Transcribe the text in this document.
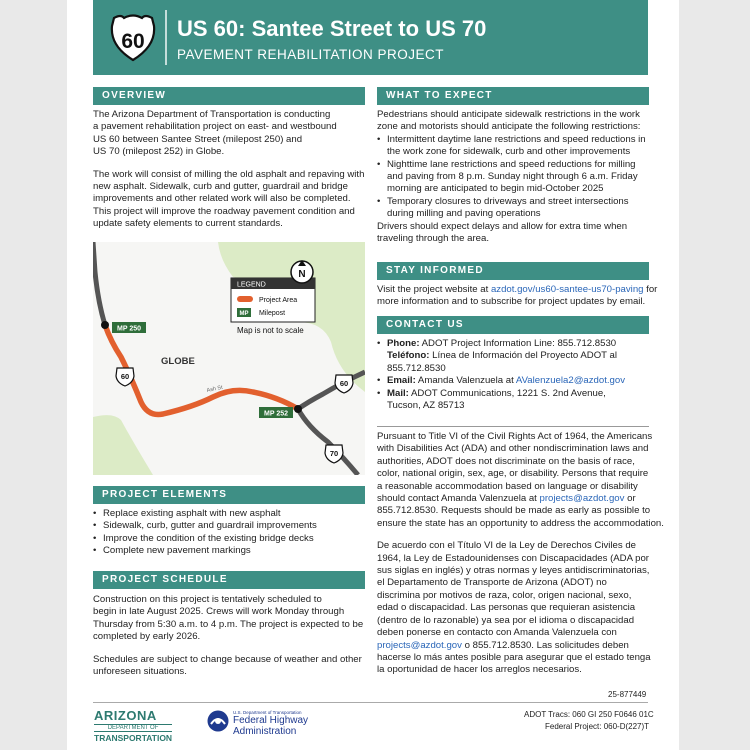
60
US 60: Santee Street to US 70
PAVEMENT REHABILITATION PROJECT
OVERVIEW

The Arizona Department of Transportation is conducting
a pavement rehabilitation project on east- and westbound
US 60 between Santee Street (milepost 250) and
US 70 (milepost 252) in Globe.

The work will consist of milling the old asphalt and repaving with
new asphalt. Sidewalk, curb and gutter, guardrail and bridge
improvements and other related work will also be completed.
This project will improve the roadway pavement condition and
update safety elements to current standards.

MP 250
MP 252
GLOBE
Ash St
60
60
70
LEGEND
Project Area
MP Milepost
N
Map is not to scale
PROJECT ELEMENTS
• Replace existing asphalt with new asphalt
• Sidewalk, curb, gutter and guardrail improvements
• Improve the condition of the existing bridge decks
• Complete new pavement markings
PROJECT SCHEDULE

Construction on this project is tentatively scheduled to
begin in late August 2025. Crews will work Monday through
Thursday from 5:30 a.m. to 4 p.m. The project is expected to be
completed by early 2026.

Schedules are subject to change because of weather and other
unforeseen situations.

WHAT TO EXPECT
Pedestrians should anticipate sidewalk restrictions in the work
zone and motorists should anticipate the following restrictions:
• Intermittent daytime lane restrictions and speed reductions in
the work zone for sidewalk, curb and other improvements
• Nighttime lane restrictions and speed reductions for milling
and paving from 8 p.m. Sunday night through 6 a.m. Friday
morning are anticipated to begin mid-October 2025
• Temporary closures to driveways and street intersections
during milling and paving operations
Drivers should expect delays and allow for extra time when
traveling through the area.
STAY INFORMED
Visit the project website at azdot.gov/us60-santee-us70-paving for
more information and to subscribe for project updates by email.
CONTACT US
• Phone: ADOT Project Information Line: 855.712.8530
Teléfono: Línea de Información del Proyecto ADOT al
855.712.8530
• Email: Amanda Valenzuela at AValenzuela2@azdot.gov
• Mail: ADOT Communications, 1221 S. 2nd Avenue,
Tucson, AZ 85713

Pursuant to Title VI of the Civil Rights Act of 1964, the Americans
with Disabilities Act (ADA) and other nondiscrimination laws and
authorities, ADOT does not discriminate on the basis of race,
color, national origin, sex, age, or disability. Persons that require
a reasonable accommodation based on language or disability
should contact Amanda Valenzuela at projects@azdot.gov or
855.712.8530. Requests should be made as early as possible to
ensure the state has an opportunity to address the accommodation.

De acuerdo con el Título VI de la Ley de Derechos Civiles de
1964, la Ley de Estadounidenses con Discapacidades (ADA por
sus siglas en inglés) y otras normas y leyes antidiscriminatorias,
el Departamento de Transporte de Arizona (ADOT) no
discrimina por motivos de raza, color, origen nacional, sexo,
edad o discapacidad. Las personas que requieran asistencia
(dentro de lo razonable) ya sea por el idioma o discapacidad
deben ponerse en contacto con Amanda Valenzuela con
projects@azdot.gov o 855.712.8530. Las solicitudes deben
hacerse lo más antes posible para asegurar que el estado tenga
la oportunidad de hacer los arreglos necesarios.

25-877449
ARIZONA
DEPARTMENT OF
TRANSPORTATION
U.S. Department of Transportation
Federal Highway
Administration
ADOT Tracs: 060 GI 250 F0646 01C
Federal Project: 060-D(227)T
